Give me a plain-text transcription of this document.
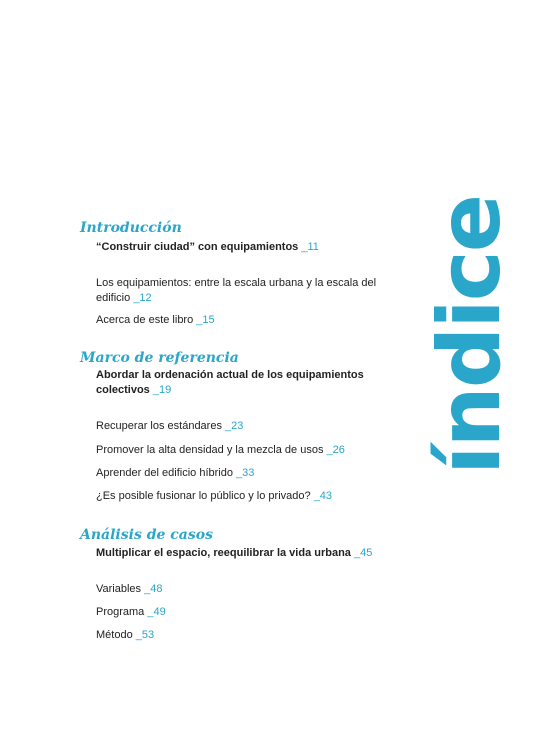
Introducción

“Construir ciudad” con equipamientos _11

Los equipamientos: entre la escala urbana y la escala del edificio _12

Acerca de este libro _15

Marco de referencia

Abordar la ordenación actual de los equipamientos colectivos _19

Recuperar los estándares _23

Promover la alta densidad y la mezcla de usos _26

Aprender del edificio híbrido _33

¿Es posible fusionar lo público y lo privado? _43

Análisis de casos

Multiplicar el espacio, reequilibrar la vida urbana _45

Variables _48

Programa _49

Método _53

índice
